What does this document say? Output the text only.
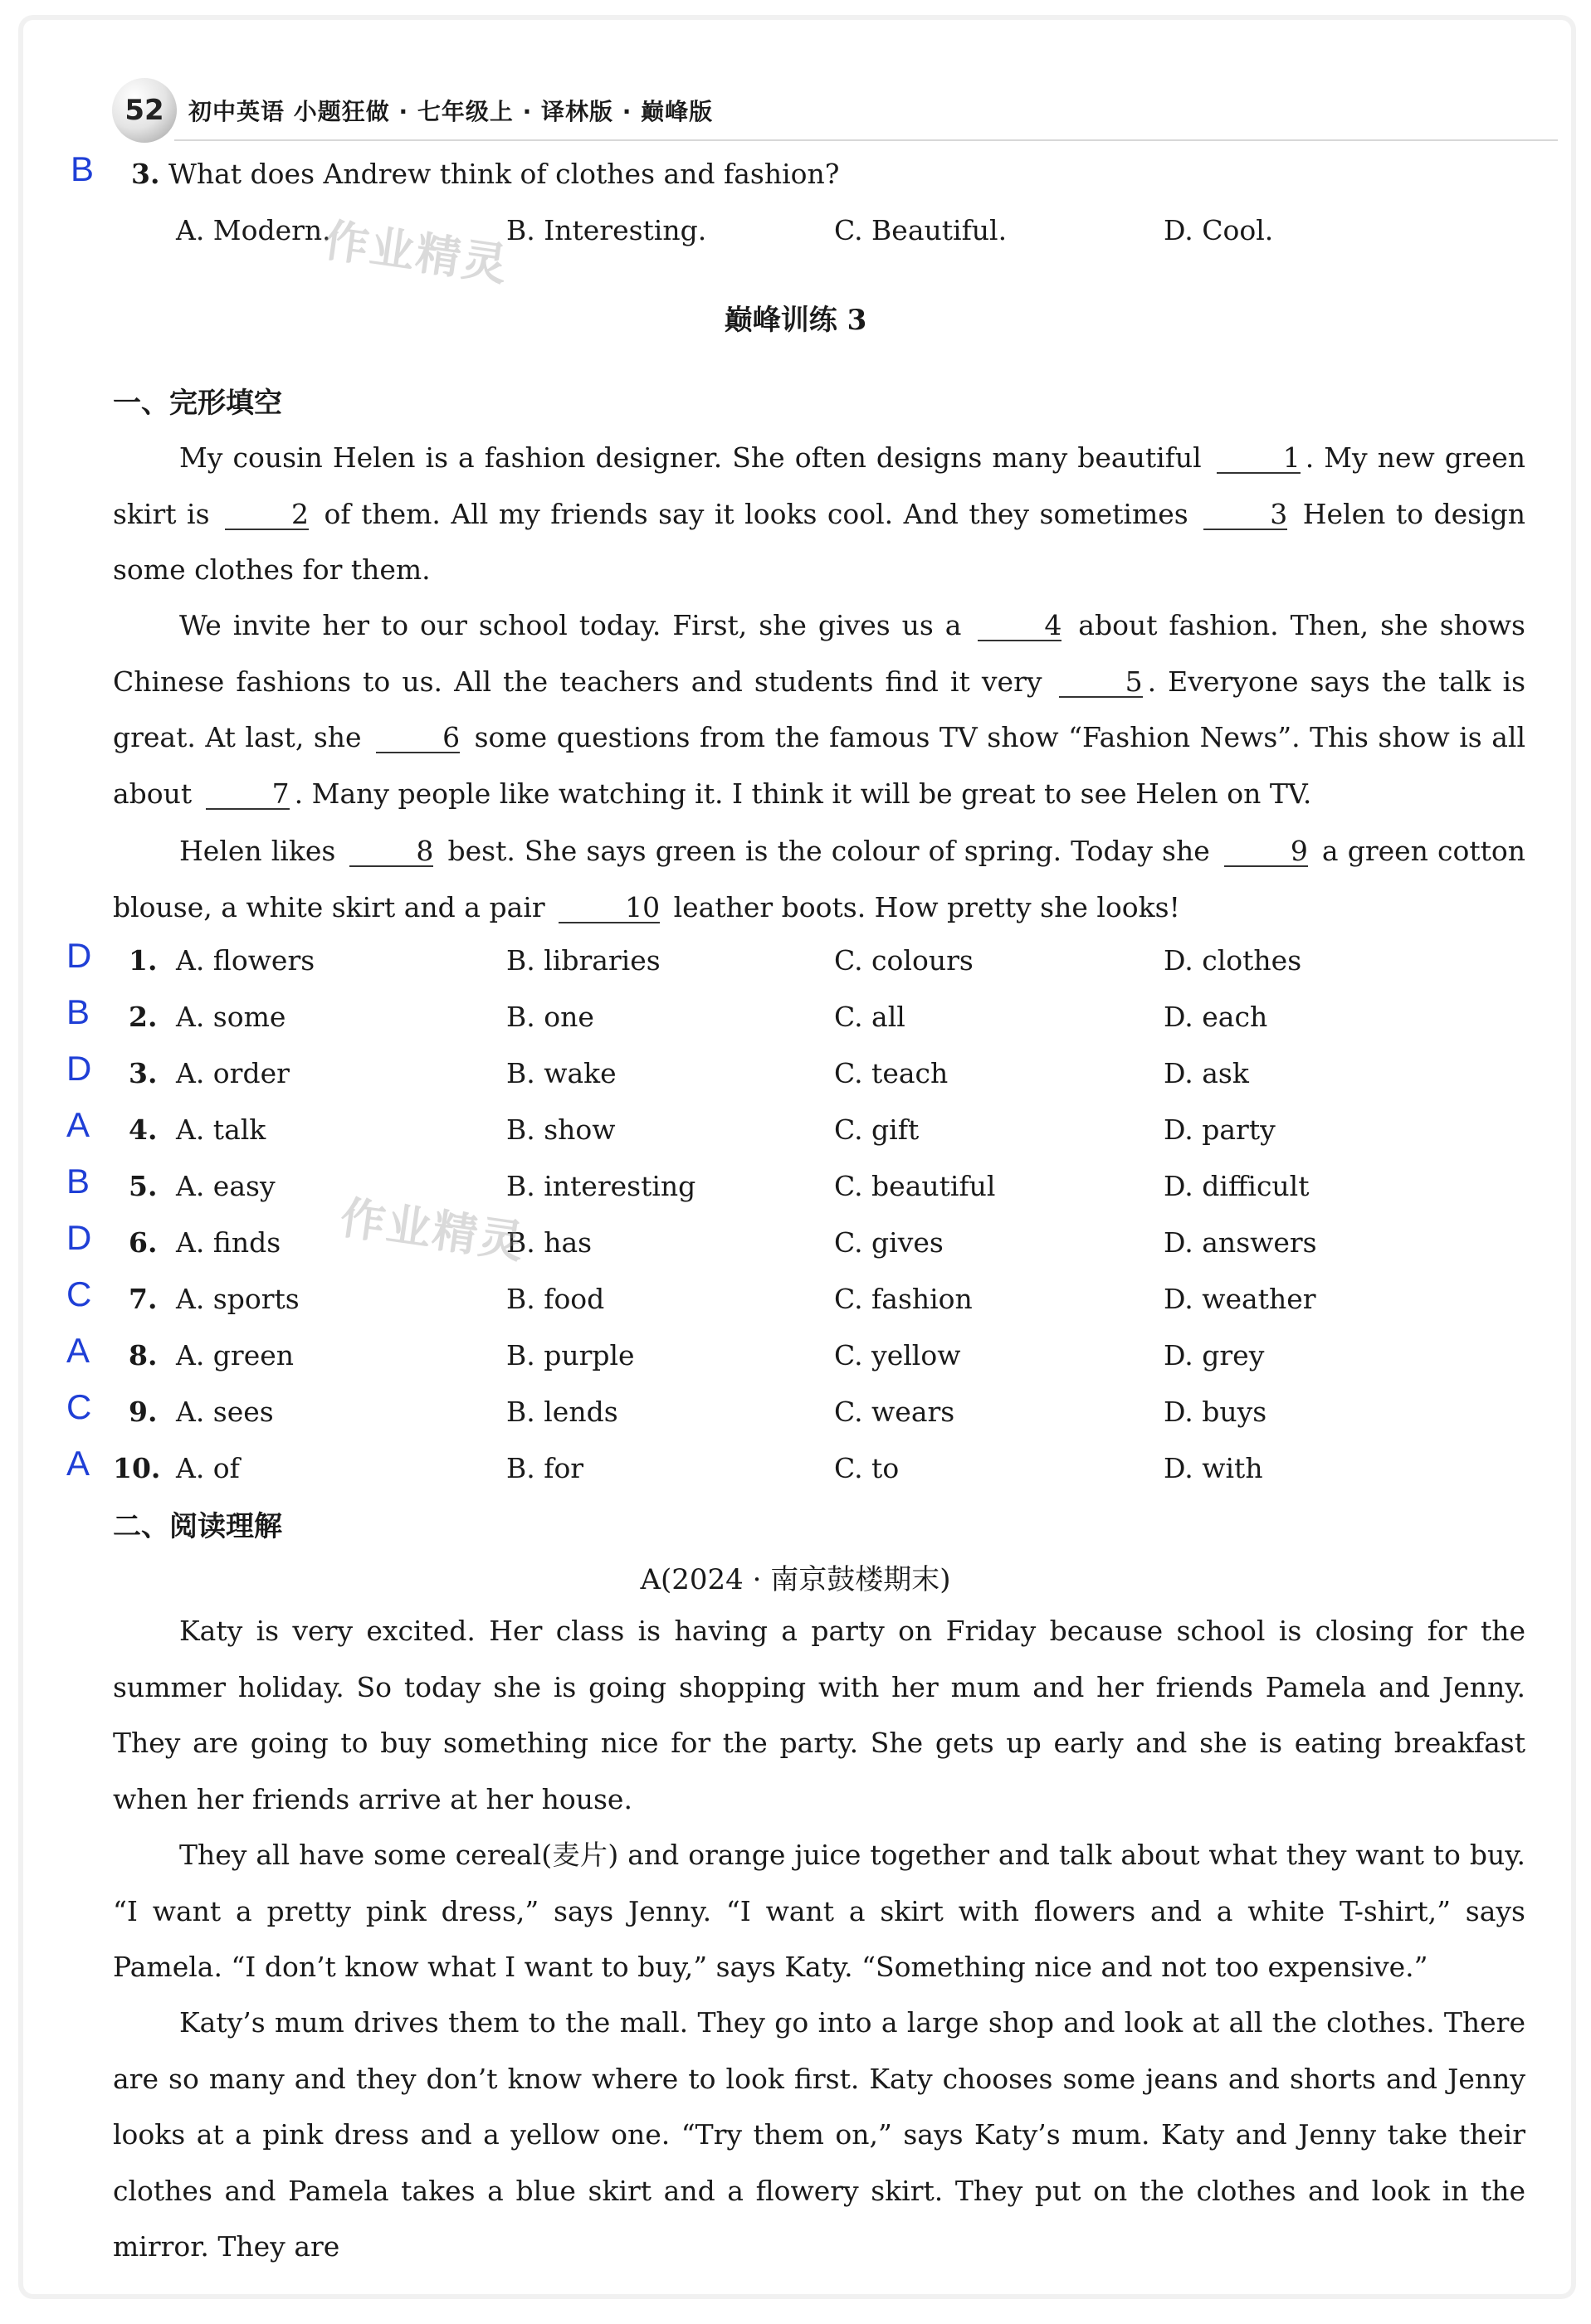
52	初中英语 小题狂做 · 七年级上 · 译林版 · 巅峰版
B 3. What does Andrew think of clothes and fashion?
A. Modern.	B. Interesting.	C. Beautiful.	D. Cool.
作业精灵
巅峰训练 3
一、完形填空
My cousin Helen is a fashion designer. She often designs many beautiful	1 . My new green skirt is	2 of them. All my friends say it looks cool. And they sometimes	3 Helen to design some clothes for them.
We invite her to our school today. First, she gives us a	4 about fashion. Then, she shows Chinese fashions to us. All the teachers and students find it very	5 . Everyone says the talk is great. At last, she	6 some questions from the famous TV show “Fashion News”. This show is all about	7 . Many people like watching it. I think it will be great to see Helen on TV.
Helen likes	8 best. She says green is the colour of spring. Today she	9 a green cotton blouse, a white skirt and a pair	10 leather boots. How pretty she looks!
D 1. A. flowers	B. libraries	C. colours	D. clothes
B 2. A. some	B. one	C. all	D. each
D 3. A. order	B. wake	C. teach	D. ask
A 4. A. talk	B. show	C. gift	D. party
B 5. A. easy	B. interesting	C. beautiful	D. difficult
D 6. A. finds	B. has	C. gives	D. answers
C 7. A. sports	B. food	C. fashion	D. weather
A 8. A. green	B. purple	C. yellow	D. grey
C 9. A. sees	B. lends	C. wears	D. buys
A 10. A. of	B. for	C. to	D. with
作业精灵
二、阅读理解
A(2024 · 南京鼓楼期末)
Katy is very excited. Her class is having a party on Friday because school is closing for the summer holiday. So today she is going shopping with her mum and her friends Pamela and Jenny. They are going to buy something nice for the party. She gets up early and she is eating breakfast when her friends arrive at her house.
They all have some cereal(麦片) and orange juice together and talk about what they want to buy. “I want a pretty pink dress,” says Jenny. “I want a skirt with flowers and a white T-shirt,” says Pamela. “I don’t know what I want to buy,” says Katy. “Something nice and not too expensive.”
Katy’s mum drives them to the mall. They go into a large shop and look at all the clothes. There are so many and they don’t know where to look first. Katy chooses some jeans and shorts and Jenny looks at a pink dress and a yellow one. “Try them on,” says Katy’s mum. Katy and Jenny take their clothes and Pamela takes a blue skirt and a flowery skirt. They put on the clothes and look in the mirror. They are
